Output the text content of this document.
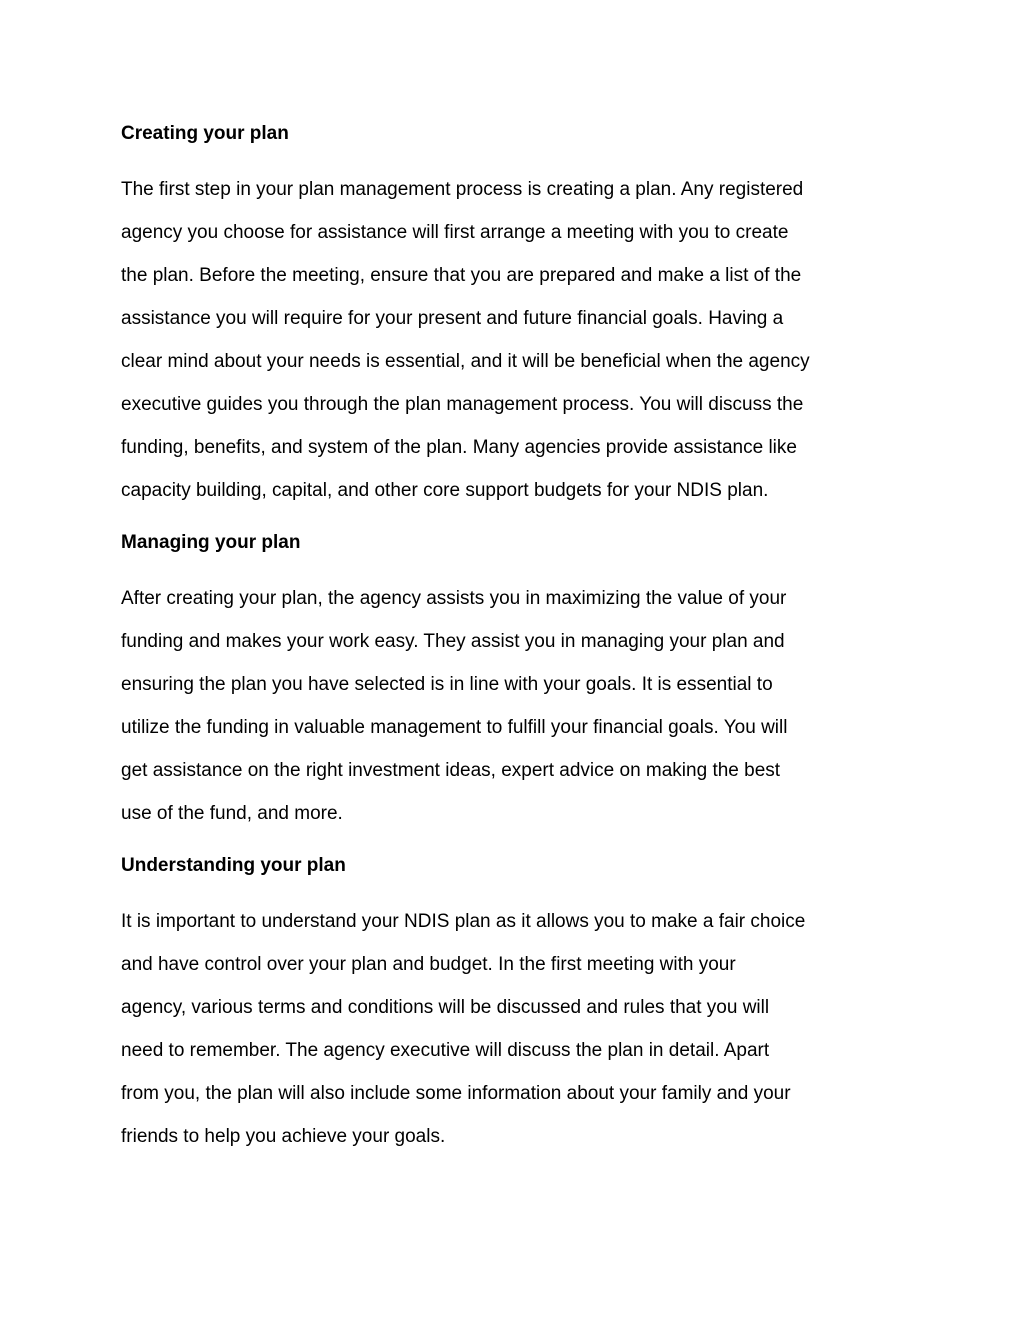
Creating your plan

The first step in your plan management process is creating a plan. Any registered
agency you choose for assistance will first arrange a meeting with you to create
the plan. Before the meeting, ensure that you are prepared and make a list of the
assistance you will require for your present and future financial goals. Having a
clear mind about your needs is essential, and it will be beneficial when the agency
executive guides you through the plan management process. You will discuss the
funding, benefits, and system of the plan. Many agencies provide assistance like
capacity building, capital, and other core support budgets for your NDIS plan.

Managing your plan

After creating your plan, the agency assists you in maximizing the value of your
funding and makes your work easy. They assist you in managing your plan and
ensuring the plan you have selected is in line with your goals. It is essential to
utilize the funding in valuable management to fulfill your financial goals. You will
get assistance on the right investment ideas, expert advice on making the best
use of the fund, and more.

Understanding your plan

It is important to understand your NDIS plan as it allows you to make a fair choice
and have control over your plan and budget. In the first meeting with your
agency, various terms and conditions will be discussed and rules that you will
need to remember. The agency executive will discuss the plan in detail. Apart
from you, the plan will also include some information about your family and your
friends to help you achieve your goals.
